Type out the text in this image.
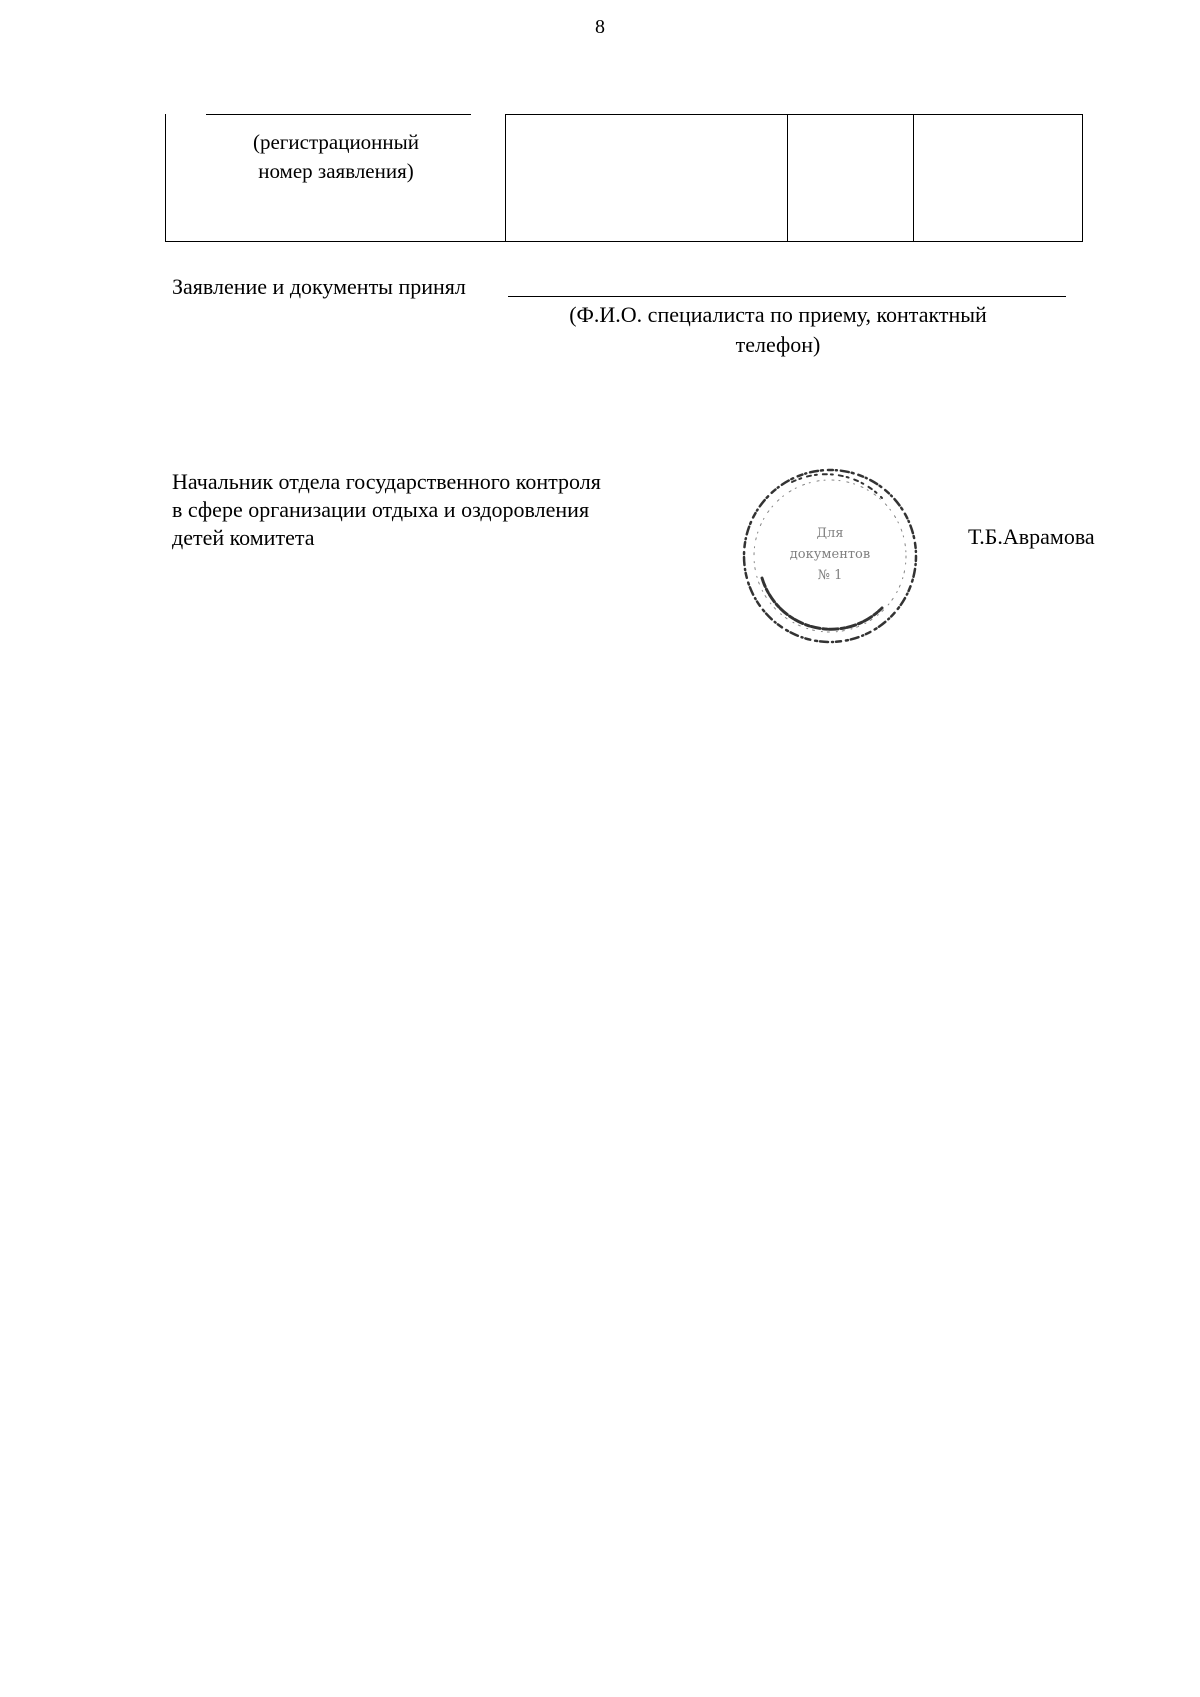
8
(регистрационный
номер заявления)
Заявление и документы принял
(Ф.И.О. специалиста по приему, контактный
телефон)
Начальник отдела государственного контроля
в сфере организации отдыха и оздоровления
детей комитета	Для
документов
№ 1
Т.Б.Аврамова
